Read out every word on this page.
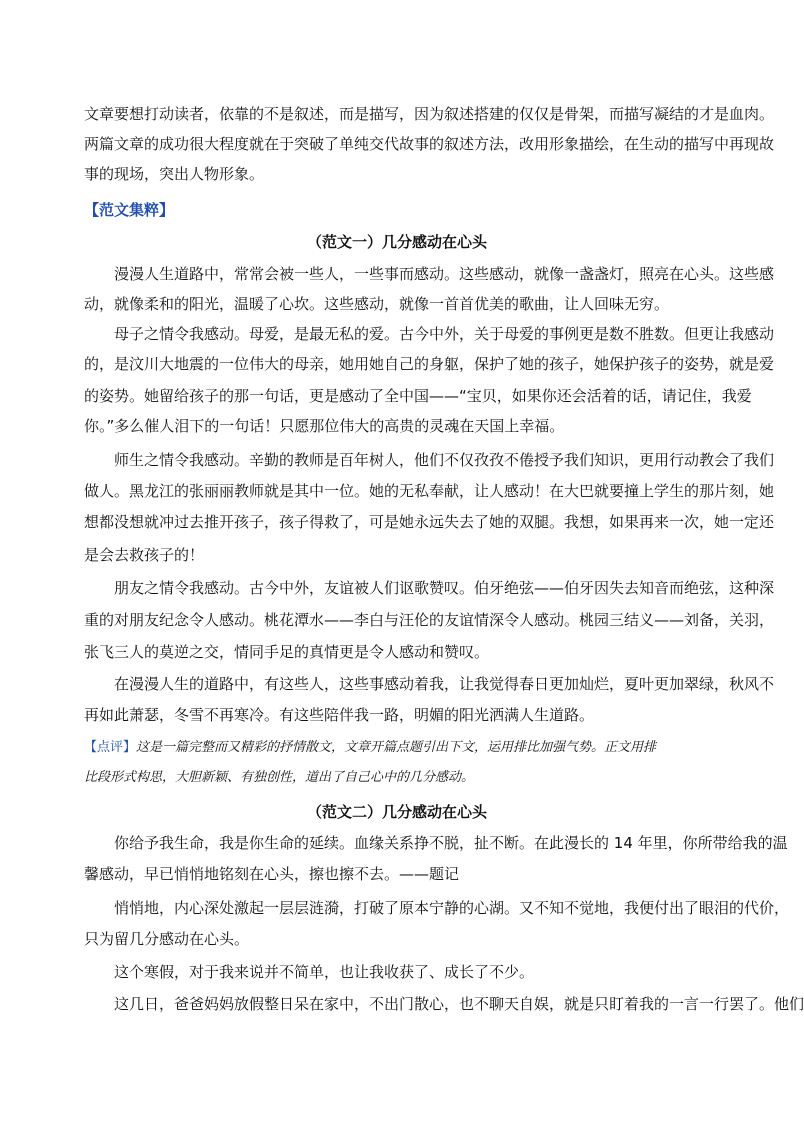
文章要想打动读者，依靠的不是叙述，而是描写，因为叙述搭建的仅仅是骨架，而描写凝结的才是血肉。
两篇文章的成功很大程度就在于突破了单纯交代故事的叙述方法，改用形象描绘，在生动的描写中再现故
事的现场，突出人物形象。
【范文集粹】
（范文一）几分感动在心头
　　漫漫人生道路中，常常会被一些人，一些事而感动。这些感动，就像一盏盏灯，照亮在心头。这些感
动，就像柔和的阳光，温暖了心坎。这些感动，就像一首首优美的歌曲，让人回味无穷。
　　母子之情令我感动。母爱，是最无私的爱。古今中外，关于母爱的事例更是数不胜数。但更让我感动
的，是汶川大地震的一位伟大的母亲，她用她自己的身躯，保护了她的孩子，她保护孩子的姿势，就是爱
的姿势。她留给孩子的那一句话，更是感动了全中国——“宝贝，如果你还会活着的话，请记住，我爱
你。”多么催人泪下的一句话！只愿那位伟大的高贵的灵魂在天国上幸福。
　　师生之情令我感动。辛勤的教师是百年树人，他们不仅孜孜不倦授予我们知识，更用行动教会了我们
做人。黑龙江的张丽丽教师就是其中一位。她的无私奉献，让人感动！在大巴就要撞上学生的那片刻，她
想都没想就冲过去推开孩子，孩子得救了，可是她永远失去了她的双腿。我想，如果再来一次，她一定还
是会去救孩子的！
　　朋友之情令我感动。古今中外，友谊被人们讴歌赞叹。伯牙绝弦——伯牙因失去知音而绝弦，这种深
重的对朋友纪念令人感动。桃花潭水——李白与汪伦的友谊情深令人感动。桃园三结义——刘备，关羽，
张飞三人的莫逆之交，情同手足的真情更是令人感动和赞叹。
　　在漫漫人生的道路中，有这些人，这些事感动着我，让我觉得春日更加灿烂，夏叶更加翠绿，秋风不
再如此萧瑟，冬雪不再寒冷。有这些陪伴我一路，明媚的阳光洒满人生道路。
【点评】这是一篇完整而又精彩的抒情散文，文章开篇点题引出下文，运用排比加强气势。正文用排
比段形式构思，大胆新颖、有独创性，道出了自己心中的几分感动。
（范文二）几分感动在心头
　　你给予我生命，我是你生命的延续。血缘关系挣不脱，扯不断。在此漫长的 14 年里，你所带给我的温
馨感动，早已悄悄地铭刻在心头，擦也擦不去。——题记
　　悄悄地，内心深处激起一层层涟漪，打破了原本宁静的心湖。又不知不觉地，我便付出了眼泪的代价，
只为留几分感动在心头。
　　这个寒假，对于我来说并不简单，也让我收获了、成长了不少。
　　这几日，爸爸妈妈放假整日呆在家中，不出门散心，也不聊天自娱，就是只盯着我的一言一行罢了。他们
